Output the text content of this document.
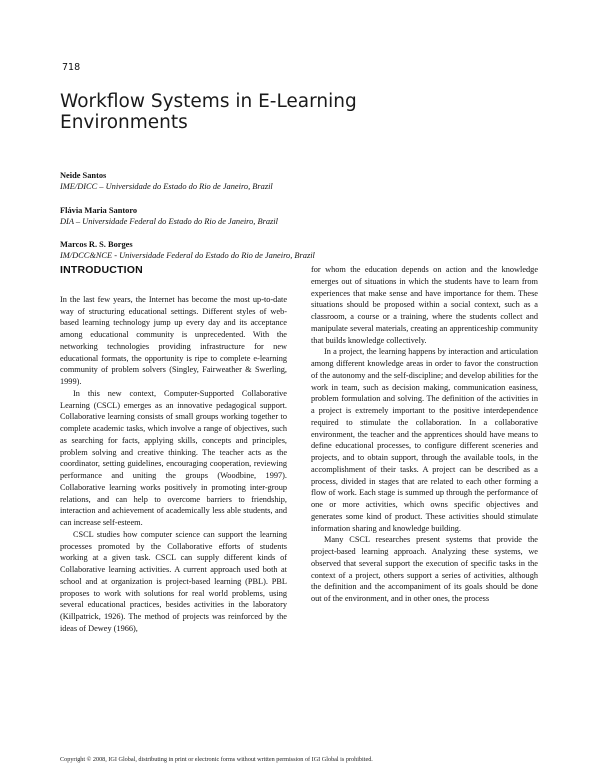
718
Workflow Systems in E-Learning Environments
Neide Santos
IME/DICC – Universidade do Estado do Rio de Janeiro, Brazil
Flávia Maria Santoro
DIA – Universidade Federal do Estado do Rio de Janeiro, Brazil
Marcos R. S. Borges
IM/DCC&NCE - Universidade Federal do Estado do Rio de Janeiro, Brazil
INTRODUCTION

In the last few years, the Internet has become the most up-to-date way of structuring educational settings. Different styles of web-based learning technology jump up every day and its acceptance among educational community is unprecedented. With the networking technologies providing infrastructure for new educational formats, the opportunity is ripe to complete e-learning community of problem solvers (Singley, Fairweather & Swerling, 1999).

In this new context, Computer-Supported Collaborative Learning (CSCL) emerges as an innovative pedagogical support. Collaborative learning consists of small groups working together to complete academic tasks, which involve a range of objectives, such as searching for facts, applying skills, concepts and principles, problem solving and creative thinking. The teacher acts as the coordinator, setting guidelines, encouraging cooperation, reviewing performance and uniting the groups (Woodbine, 1997). Collaborative learning works positively in promoting inter-group relations, and can help to overcome barriers to friendship, interaction and achievement of academically less able students, and can increase self-esteem.

CSCL studies how computer science can support the learning processes promoted by the Collaborative efforts of students working at a given task. CSCL can supply different kinds of Collaborative learning activities. A current approach used both at school and at organization is project-based learning (PBL). PBL proposes to work with solutions for real world problems, using several educational practices, besides activities in the laboratory (Killpatrick, 1926). The method of projects was reinforced by the ideas of Dewey (1966),

for whom the education depends on action and the knowledge emerges out of situations in which the students have to learn from experiences that make sense and have importance for them. These situations should be proposed within a social context, such as a classroom, a course or a training, where the students collect and manipulate several materials, creating an apprenticeship community that builds knowledge collectively.

In a project, the learning happens by interaction and articulation among different knowledge areas in order to favor the construction of the autonomy and the self-discipline; and develop abilities for the work in team, such as decision making, communication easiness, problem formulation and solving. The definition of the activities in a project is extremely important to the positive interdependence required to stimulate the collaboration. In a collaborative environment, the teacher and the apprentices should have means to define educational processes, to configure different sceneries and projects, and to obtain support, through the available tools, in the accomplishment of their tasks. A project can be described as a process, divided in stages that are related to each other forming a flow of work. Each stage is summed up through the performance of one or more activities, which owns specific objectives and generates some kind of product. These activities should stimulate information sharing and knowledge building.

Many CSCL researches present systems that provide the project-based learning approach. Analyzing these systems, we observed that several support the execution of specific tasks in the context of a project, others support a series of activities, although the definition and the accompaniment of its goals should be done out of the environment, and in other ones, the process

Copyright © 2008, IGI Global, distributing in print or electronic forms without written permission of IGI Global is prohibited.
